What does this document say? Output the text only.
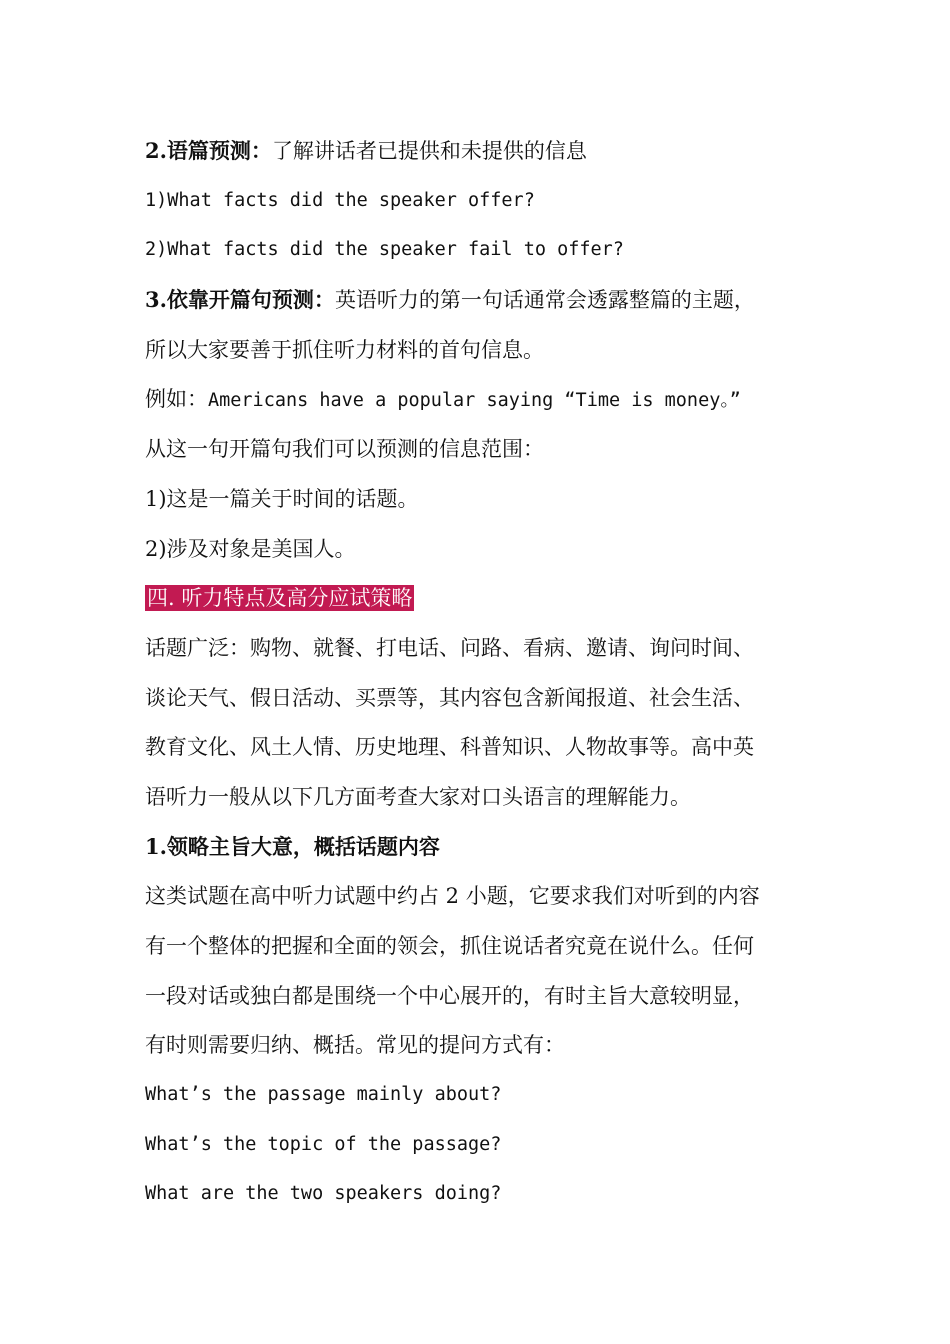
2.语篇预测：了解讲话者已提供和未提供的信息
1)What facts did the speaker offer?
2)What facts did the speaker fail to offer?
3.依靠开篇句预测：英语听力的第一句话通常会透露整篇的主题，
所以大家要善于抓住听力材料的首句信息。
例如：Americans have a popular saying “Time is money。”
从这一句开篇句我们可以预测的信息范围：
1)这是一篇关于时间的话题。
2)涉及对象是美国人。
四. 听力特点及高分应试策略
话题广泛：购物、就餐、打电话、问路、看病、邀请、询问时间、
谈论天气、假日活动、买票等，其内容包含新闻报道、社会生活、
教育文化、风土人情、历史地理、科普知识、人物故事等。高中英
语听力一般从以下几方面考查大家对口头语言的理解能力。
1.领略主旨大意，概括话题内容
这类试题在高中听力试题中约占 2 小题，它要求我们对听到的内容
有一个整体的把握和全面的领会，抓住说话者究竟在说什么。任何
一段对话或独白都是围绕一个中心展开的，有时主旨大意较明显，
有时则需要归纳、概括。常见的提问方式有：
What’s the passage mainly about?
What’s the topic of the passage?
What are the two speakers doing?
